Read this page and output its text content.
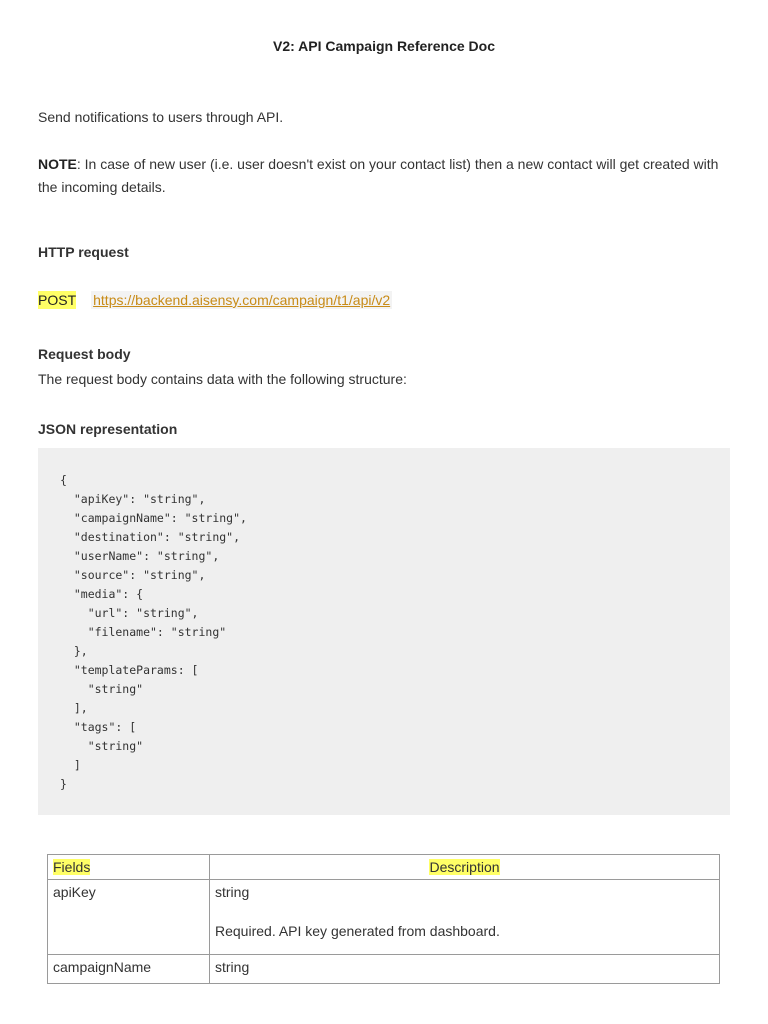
V2: API Campaign Reference Doc
Send notifications to users through API.
NOTE: In case of new user (i.e. user doesn't exist on your contact list) then a new contact will get created with the incoming details.
HTTP request
POST https://backend.aisensy.com/campaign/t1/api/v2
Request body
The request body contains data with the following structure:
JSON representation
{
"apiKey": "string",
"campaignName": "string",
"destination": "string",
"userName": "string",
"source": "string",
"media": {
"url": "string",
"filename": "string"
},
"templateParams: [
"string"
],
"tags": [
"string"
]
}
Fields	Description
apiKey	string
Required. API key generated from dashboard.

campaignName	string
